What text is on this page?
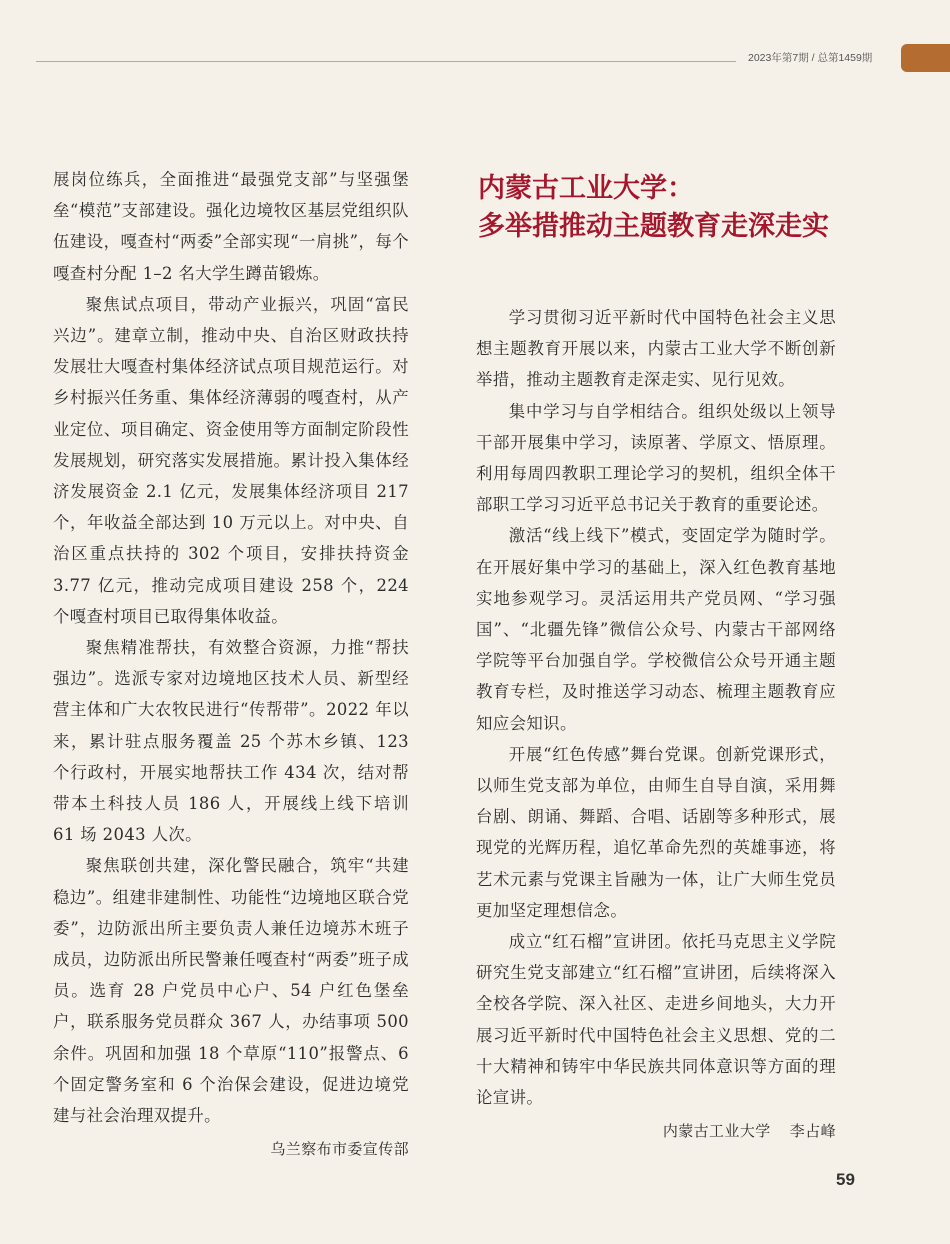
2023年第7期 / 总第1459期

展岗位练兵，全面推进“最强党支部”与坚强堡垒“模范”支部建设。强化边境牧区基层党组织队伍建设，嘎查村“两委”全部实现“一肩挑”，每个嘎查村分配 1–2 名大学生蹲苗锻炼。

聚焦试点项目，带动产业振兴，巩固“富民兴边”。建章立制，推动中央、自治区财政扶持发展壮大嘎查村集体经济试点项目规范运行。对乡村振兴任务重、集体经济薄弱的嘎查村，从产业定位、项目确定、资金使用等方面制定阶段性发展规划，研究落实发展措施。累计投入集体经济发展资金 2.1 亿元，发展集体经济项目 217 个，年收益全部达到 10 万元以上。对中央、自治区重点扶持的 302 个项目，安排扶持资金 3.77 亿元，推动完成项目建设 258 个，224 个嘎查村项目已取得集体收益。

聚焦精准帮扶，有效整合资源，力推“帮扶强边”。选派专家对边境地区技术人员、新型经营主体和广大农牧民进行“传帮带”。2022 年以来，累计驻点服务覆盖 25 个苏木乡镇、123 个行政村，开展实地帮扶工作 434 次，结对帮带本土科技人员 186 人，开展线上线下培训 61 场 2043 人次。

聚焦联创共建，深化警民融合，筑牢“共建稳边”。组建非建制性、功能性“边境地区联合党委”，边防派出所主要负责人兼任边境苏木班子成员，边防派出所民警兼任嘎查村“两委”班子成员。选育 28 户党员中心户、54 户红色堡垒户，联系服务党员群众 367 人，办结事项 500 余件。巩固和加强 18 个草原“110”报警点、6 个固定警务室和 6 个治保会建设，促进边境党建与社会治理双提升。

乌兰察布市委宣传部

内蒙古工业大学：
多举措推动主题教育走深走实

学习贯彻习近平新时代中国特色社会主义思想主题教育开展以来，内蒙古工业大学不断创新举措，推动主题教育走深走实、见行见效。

集中学习与自学相结合。组织处级以上领导干部开展集中学习，读原著、学原文、悟原理。利用每周四教职工理论学习的契机，组织全体干部职工学习习近平总书记关于教育的重要论述。

激活“线上线下”模式，变固定学为随时学。在开展好集中学习的基础上，深入红色教育基地实地参观学习。灵活运用共产党员网、“学习强国”、“北疆先锋”微信公众号、内蒙古干部网络学院等平台加强自学。学校微信公众号开通主题教育专栏，及时推送学习动态、梳理主题教育应知应会知识。

开展“红色传感”舞台党课。创新党课形式，以师生党支部为单位，由师生自导自演，采用舞台剧、朗诵、舞蹈、合唱、话剧等多种形式，展现党的光辉历程，追忆革命先烈的英雄事迹，将艺术元素与党课主旨融为一体，让广大师生党员更加坚定理想信念。

成立“红石榴”宣讲团。依托马克思主义学院研究生党支部建立“红石榴”宣讲团，后续将深入全校各学院、深入社区、走进乡间地头，大力开展习近平新时代中国特色社会主义思想、党的二十大精神和铸牢中华民族共同体意识等方面的理论宣讲。

内蒙古工业大学 李占峰

59
